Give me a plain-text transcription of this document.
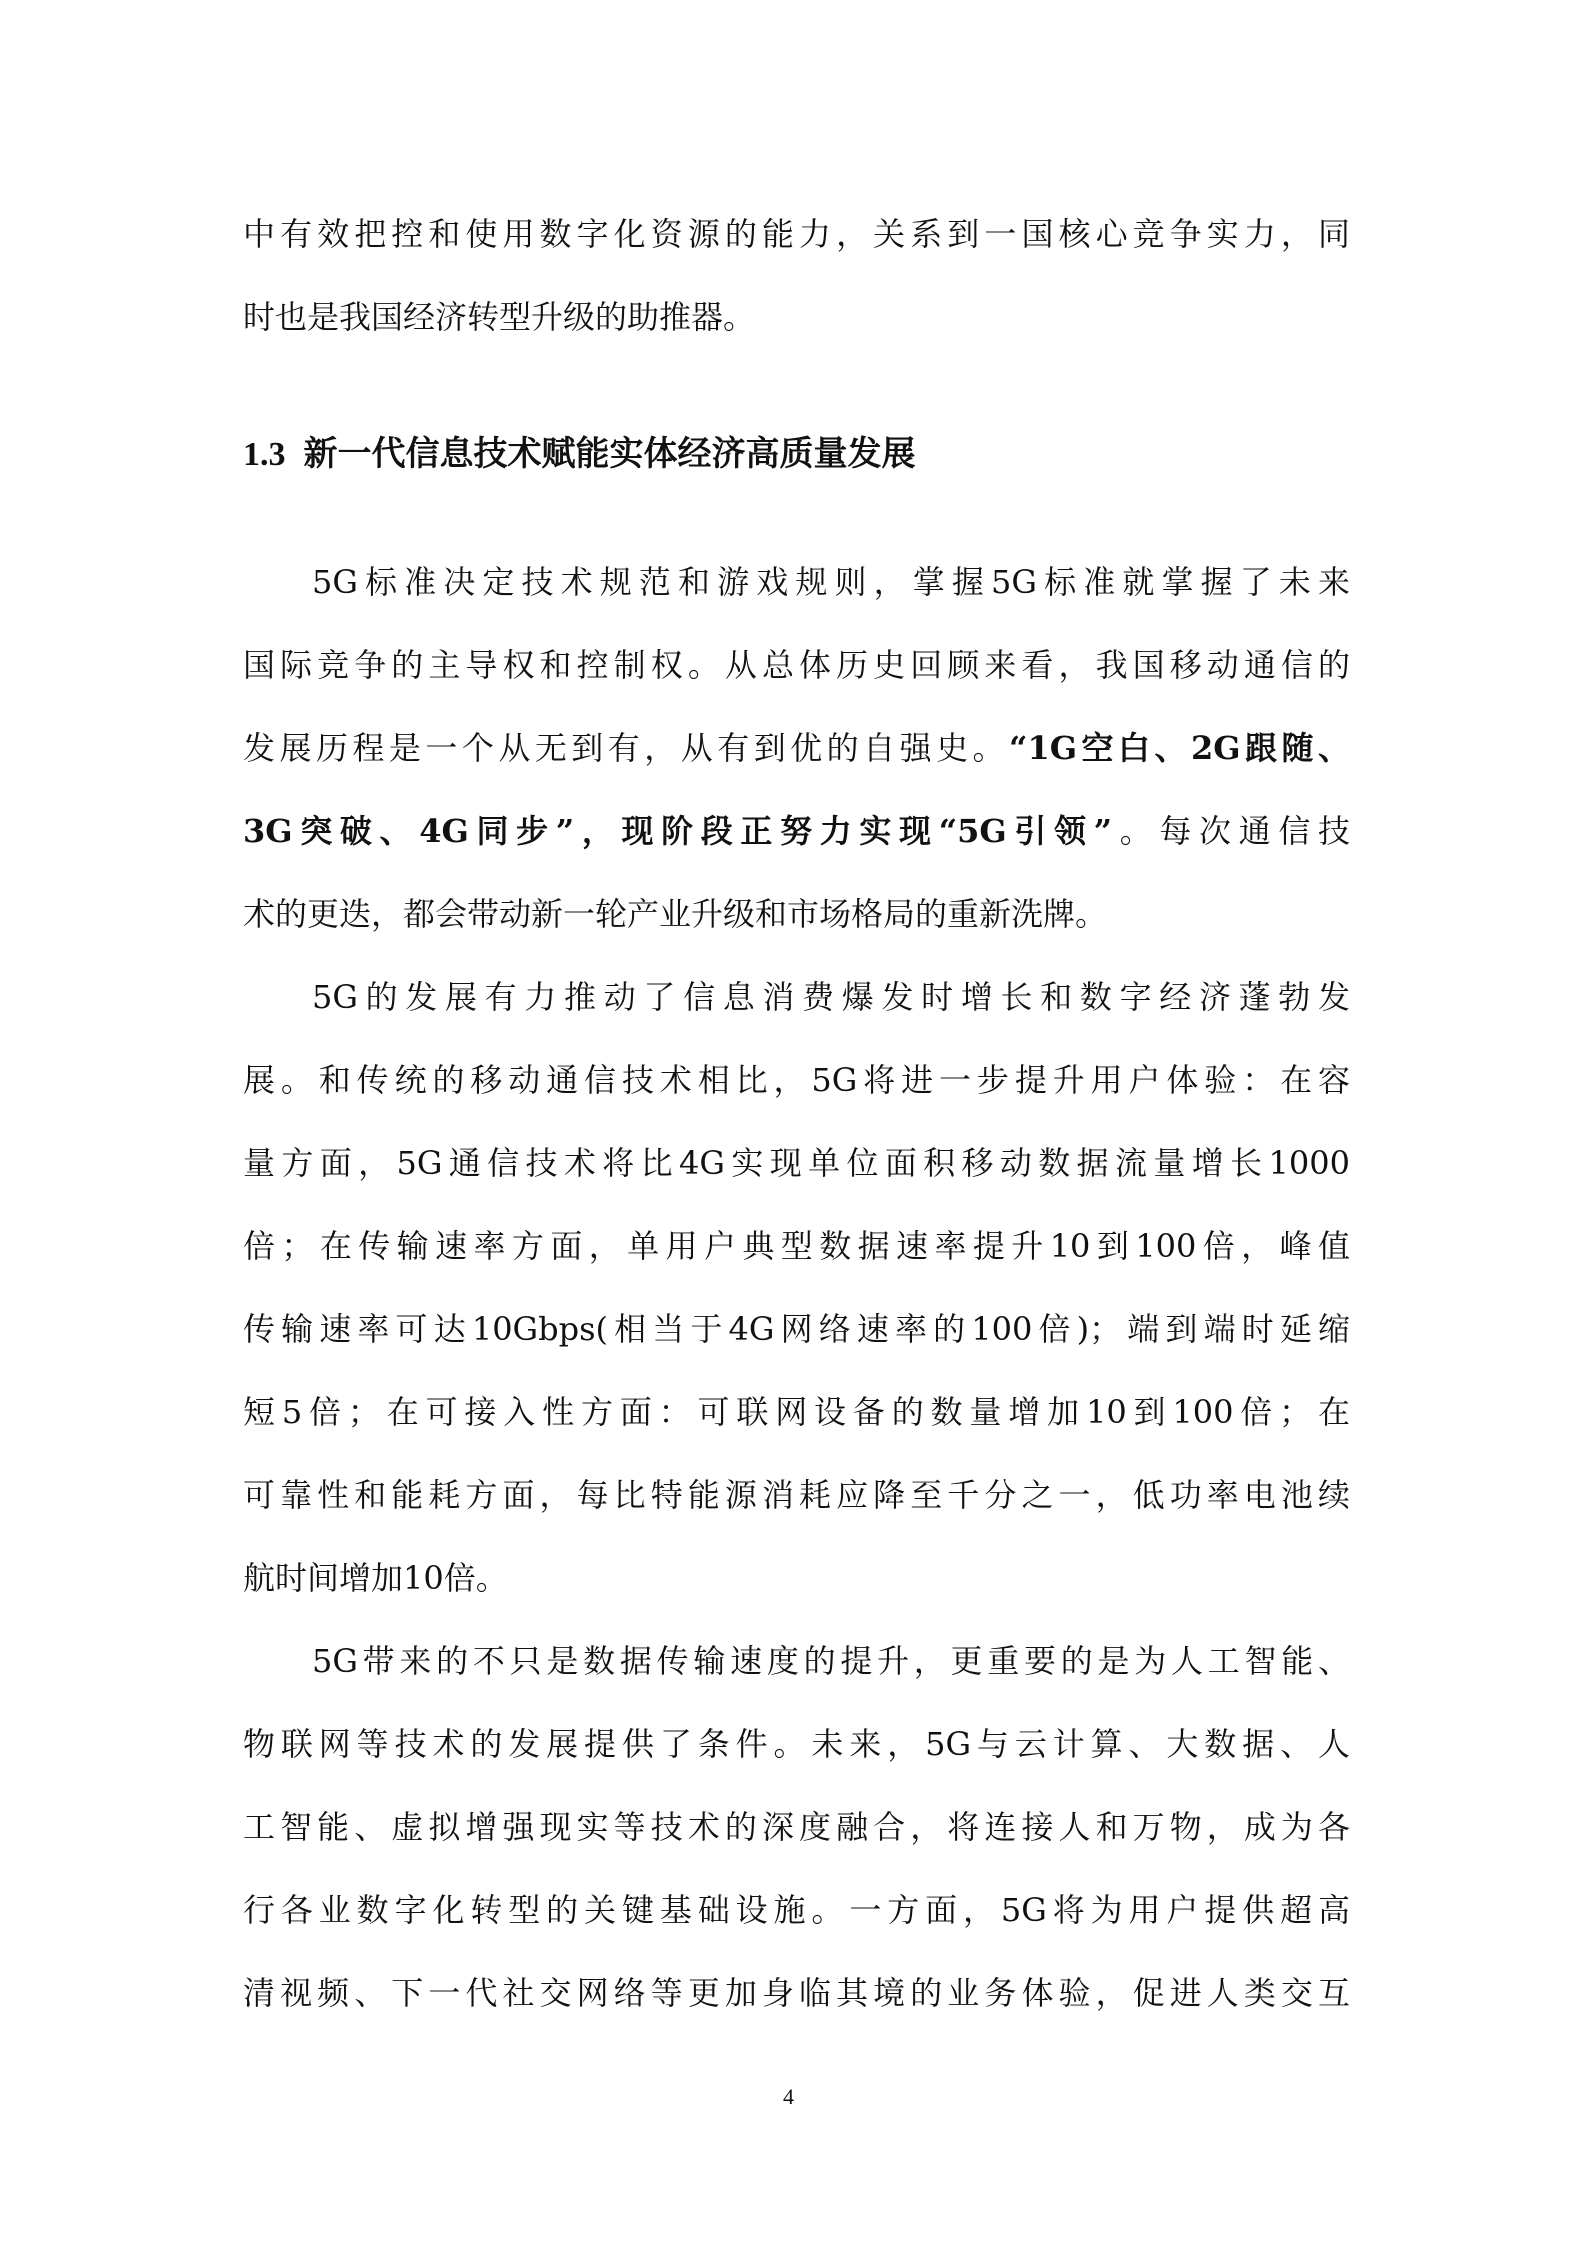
中有效把控和使用数字化资源的能力，关系到一国核心竞争实力，同
时也是我国经济转型升级的助推器。
1.3 新一代信息技术赋能实体经济高质量发展
5G标准决定技术规范和游戏规则，掌握5G标准就掌握了未来
国际竞争的主导权和控制权。从总体历史回顾来看，我国移动通信的
发展历程是一个从无到有，从有到优的自强史。“1G空白、2G跟随、
3G突破、4G同步”，现阶段正努力实现“5G引领”。每次通信技
术的更迭，都会带动新一轮产业升级和市场格局的重新洗牌。
5G的发展有力推动了信息消费爆发时增长和数字经济蓬勃发
展。和传统的移动通信技术相比，5G将进一步提升用户体验：在容
量方面，5G通信技术将比4G实现单位面积移动数据流量增长1000
倍；在传输速率方面，单用户典型数据速率提升10到100倍，峰值
传输速率可达10Gbps(相当于4G网络速率的100倍)；端到端时延缩
短5倍；在可接入性方面：可联网设备的数量增加10到100倍；在
可靠性和能耗方面，每比特能源消耗应降至千分之一，低功率电池续
航时间增加10倍。
5G带来的不只是数据传输速度的提升，更重要的是为人工智能、
物联网等技术的发展提供了条件。未来，5G与云计算、大数据、人
工智能、虚拟增强现实等技术的深度融合，将连接人和万物，成为各
行各业数字化转型的关键基础设施。一方面，5G将为用户提供超高
清视频、下一代社交网络等更加身临其境的业务体验，促进人类交互
4
